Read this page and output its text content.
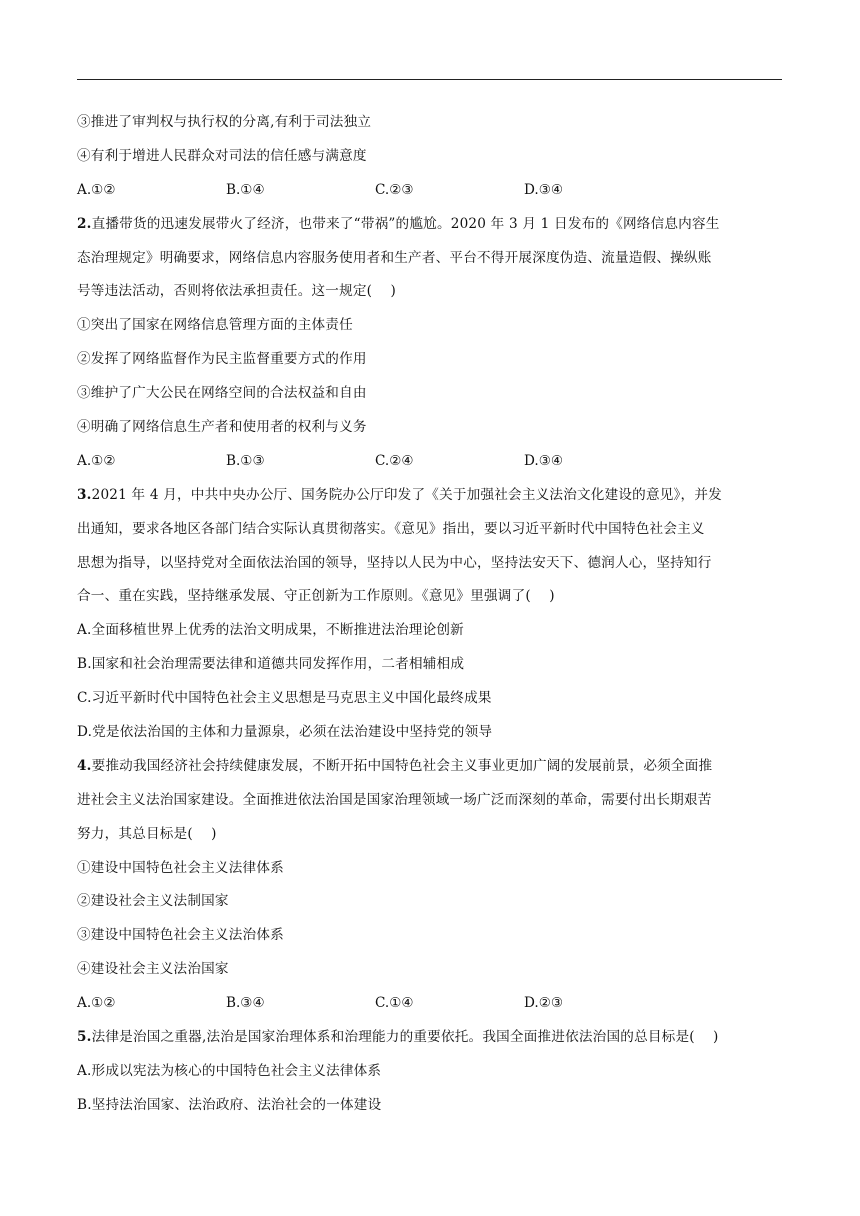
③推进了审判权与执行权的分离,有利于司法独立
④有利于增进人民群众对司法的信任感与满意度
A.①②	B.①④	C.②③	D.③④
2.直播带货的迅速发展带火了经济，也带来了“带祸”的尴尬。2020 年 3 月 1 日发布的《网络信息内容生
态治理规定》明确要求，网络信息内容服务使用者和生产者、平台不得开展深度伪造、流量造假、操纵账
号等违法活动，否则将依法承担责任。这一规定(　 )
①突出了国家在网络信息管理方面的主体责任
②发挥了网络监督作为民主监督重要方式的作用
③维护了广大公民在网络空间的合法权益和自由
④明确了网络信息生产者和使用者的权利与义务
A.①②	B.①③	C.②④	D.③④
3.2021 年 4 月，中共中央办公厅、国务院办公厅印发了《关于加强社会主义法治文化建设的意见》，并发
出通知，要求各地区各部门结合实际认真贯彻落实。《意见》指出，要以习近平新时代中国特色社会主义
思想为指导，以坚持党对全面依法治国的领导，坚持以人民为中心，坚持法安天下、德润人心，坚持知行
合一、重在实践，坚持继承发展、守正创新为工作原则。《意见》里强调了(　 )
A.全面移植世界上优秀的法治文明成果，不断推进法治理论创新
B.国家和社会治理需要法律和道德共同发挥作用，二者相辅相成
C.习近平新时代中国特色社会主义思想是马克思主义中国化最终成果
D.党是依法治国的主体和力量源泉，必须在法治建设中坚持党的领导
4.要推动我国经济社会持续健康发展，不断开拓中国特色社会主义事业更加广阔的发展前景，必须全面推
进社会主义法治国家建设。全面推进依法治国是国家治理领域一场广泛而深刻的革命，需要付出长期艰苦
努力，其总目标是(　 )
①建设中国特色社会主义法律体系
②建设社会主义法制国家
③建设中国特色社会主义法治体系
④建设社会主义法治国家
A.①②	B.③④	C.①④	D.②③
5.法律是治国之重器,法治是国家治理体系和治理能力的重要依托。我国全面推进依法治国的总目标是(　 )
A.形成以宪法为核心的中国特色社会主义法律体系
B.坚持法治国家、法治政府、法治社会的一体建设
